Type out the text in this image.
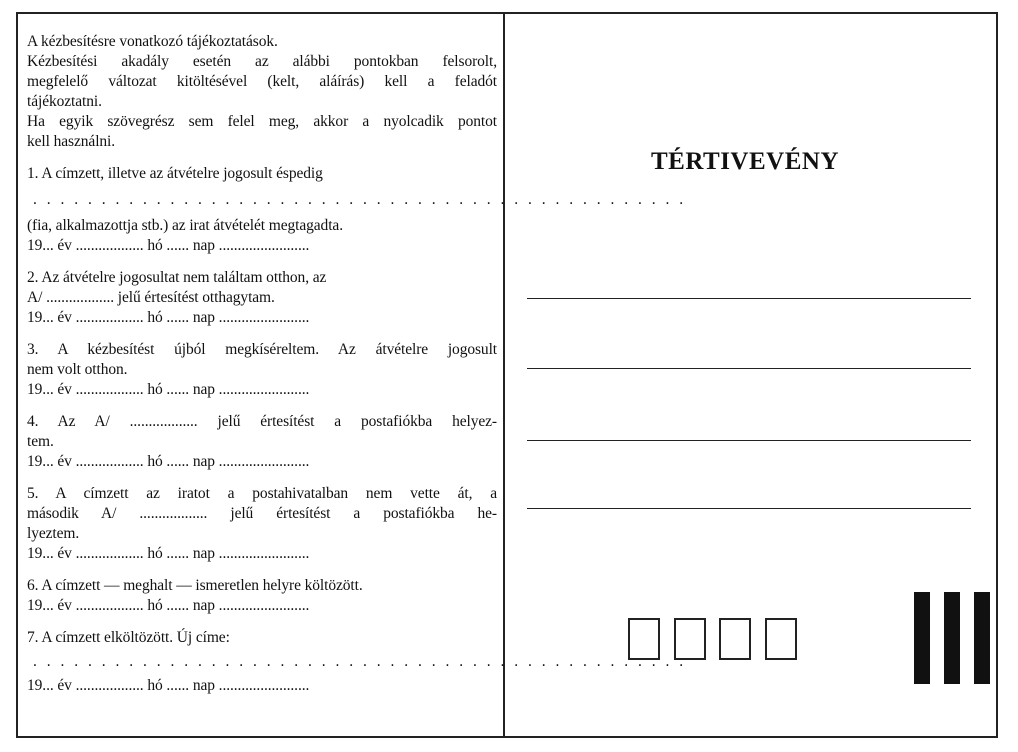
A kézbesítésre vonatkozó tájékoztatások.
Kézbesítési akadály esetén az alábbi pontokban felsorolt,
megfelelő változat kitöltésével (kelt, aláírás) kell a feladót
tájékoztatni.
Ha egyik szövegrész sem felel meg, akkor a nyolcadik pontot
kell használni.
1. A címzett, illetve az átvételre jogosult éspedig
. . . . . . . . . . . . . . . . . . . . . . . . . . . . . . . . . . . . . . . . . . . . . . . .
(fia, alkalmazottja stb.) az irat átvételét megtagadta.
19... év .................. hó ...... nap ........................
2. Az átvételre jogosultat nem találtam otthon, az
A/ .................. jelű értesítést otthagytam.
19... év .................. hó ...... nap ........................
3. A kézbesítést újból megkíséreltem. Az átvételre jogosult
nem volt otthon.
19... év .................. hó ...... nap ........................
4. Az A/ .................. jelű értesítést a postafiókba helyez-
tem.
19... év .................. hó ...... nap ........................
5. A címzett az iratot a postahivatalban nem vette át, a
második A/ .................. jelű értesítést a postafiókba he-
lyeztem.
19... év .................. hó ...... nap ........................
6. A címzett — meghalt — ismeretlen helyre költözött.
19... év .................. hó ...... nap ........................
7. A címzett elköltözött. Új címe:
. . . . . . . . . . . . . . . . . . . . . . . . . . . . . . . . . . . . . . . . . . . . . . . .
19... év .................. hó ...... nap ........................
TÉRTIVEVÉNY
